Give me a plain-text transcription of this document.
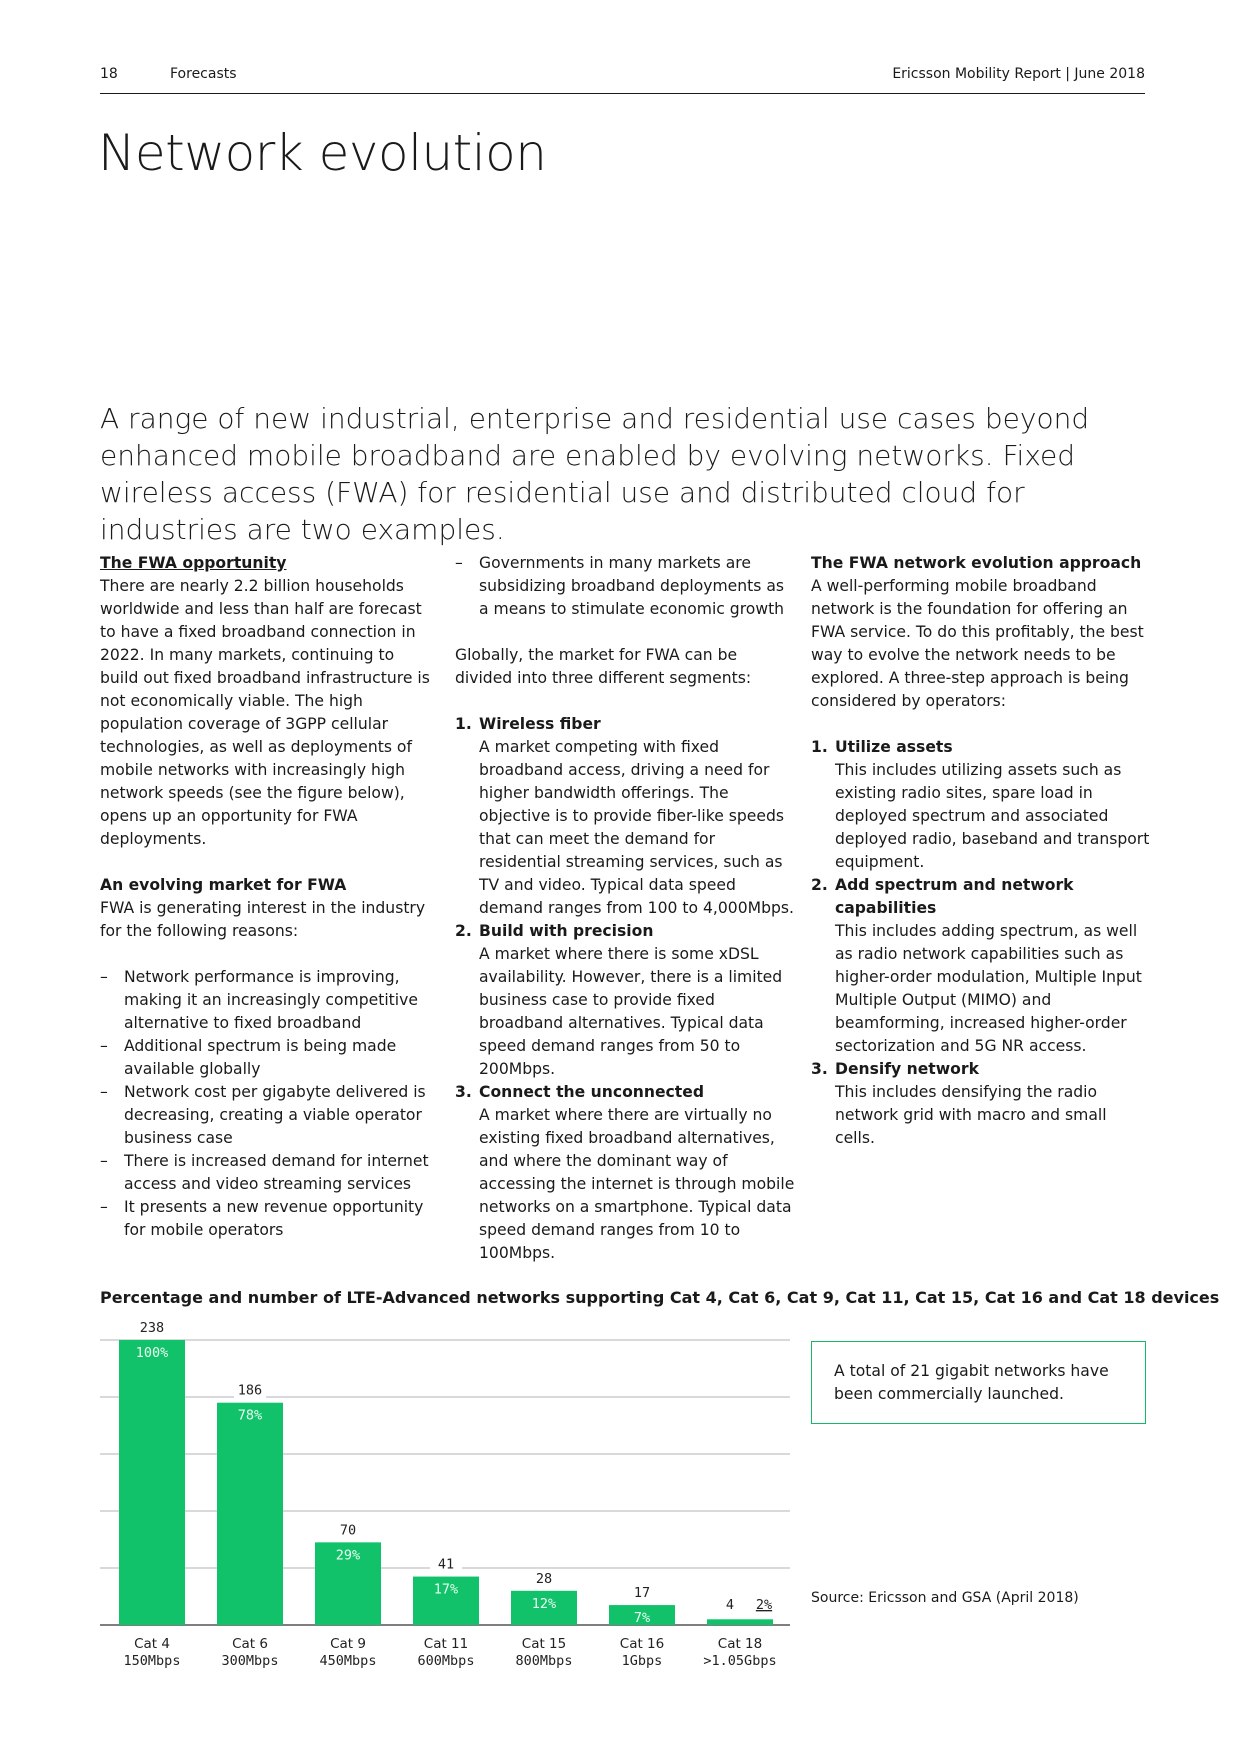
18	Forecasts	Ericsson Mobility Report | June 2018
Network evolution

A range of new industrial, enterprise and residential use cases beyond enhanced mobile broadband are enabled by evolving networks. Fixed wireless access (FWA) for residential use and distributed cloud for industries are two examples.

The FWA opportunity

There are nearly 2.2 billion households worldwide and less than half are forecast to have a fixed broadband connection in 2022. In many markets, continuing to build out fixed broadband infrastructure is not economically viable. The high population coverage of 3GPP cellular technologies, as well as deployments of mobile networks with increasingly high network speeds (see the figure below), opens up an opportunity for FWA deployments.

An evolving market for FWA

FWA is generating interest in the industry for the following reasons:

– Network performance is improving, making it an increasingly competitive alternative to fixed broadband

– Additional spectrum is being made available globally

– Network cost per gigabyte delivered is decreasing, creating a viable operator business case

– There is increased demand for internet access and video streaming services

– It presents a new revenue opportunity for mobile operators

– Governments in many markets are subsidizing broadband deployments as a means to stimulate economic growth

Globally, the market for FWA can be divided into three different segments:

1. Wireless fiber

A market competing with fixed broadband access, driving a need for higher bandwidth offerings. The objective is to provide fiber-like speeds that can meet the demand for residential streaming services, such as TV and video. Typical data speed demand ranges from 100 to 4,000Mbps.

2. Build with precision

A market where there is some xDSL availability. However, there is a limited business case to provide fixed broadband alternatives. Typical data speed demand ranges from 50 to 200Mbps.

3. Connect the unconnected

A market where there are virtually no existing fixed broadband alternatives, and where the dominant way of accessing the internet is through mobile networks on a smartphone. Typical data speed demand ranges from 10 to 100Mbps.

The FWA network evolution approach

A well-performing mobile broadband network is the foundation for offering an FWA service. To do this profitably, the best way to evolve the network needs to be explored. A three-step approach is being considered by operators:

1. Utilize assets

This includes utilizing assets such as existing radio sites, spare load in deployed spectrum and associated deployed radio, baseband and transport equipment.

2. Add spectrum and network capabilities

This includes adding spectrum, as well as radio network capabilities such as higher-order modulation, Multiple Input Multiple Output (MIMO) and beamforming, increased higher-order sectorization and 5G NR access.

3. Densify network

This includes densifying the radio network grid with macro and small cells.

Percentage and number of LTE-Advanced networks supporting Cat 4, Cat 6, Cat 9, Cat 11, Cat 15, Cat 16 and Cat 18 devices

238
100%
Cat 4
150Mbps
186
78%
Cat 6
300Mbps
70
29%
Cat 9
450Mbps
41
17%
Cat 11
600Mbps
28
12%
Cat 15
800Mbps
17
7%
Cat 16
1Gbps
4 2%
Cat 18
>1.05Gbps

A total of 21 gigabit networks have been commercially launched.

Source: Ericsson and GSA (April 2018)
